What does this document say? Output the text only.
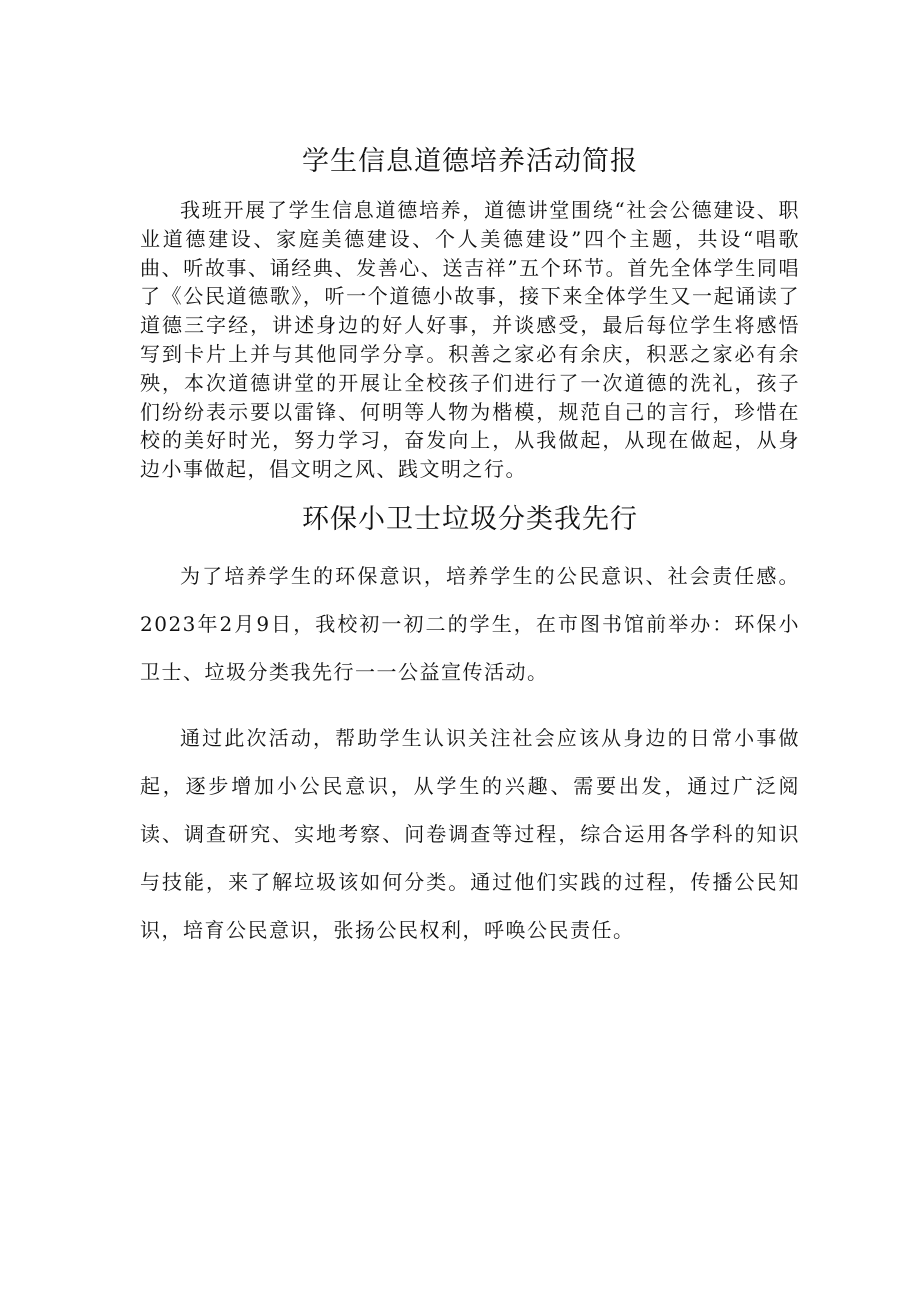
学生信息道德培养活动简报

我班开展了学生信息道德培养，道德讲堂围绕“社会公德建设、职业道德建设、家庭美德建设、个人美德建设”四个主题，共设“唱歌曲、听故事、诵经典、发善心、送吉祥”五个环节。首先全体学生同唱了《公民道德歌》，听一个道德小故事，接下来全体学生又一起诵读了道德三字经，讲述身边的好人好事，并谈感受，最后每位学生将感悟写到卡片上并与其他同学分享。积善之家必有余庆，积恶之家必有余殃，本次道德讲堂的开展让全校孩子们进行了一次道德的洗礼，孩子们纷纷表示要以雷锋、何明等人物为楷模，规范自己的言行，珍惜在校的美好时光，努力学习，奋发向上，从我做起，从现在做起，从身边小事做起，倡文明之风、践文明之行。

环保小卫士垃圾分类我先行

为了培养学生的环保意识，培养学生的公民意识、社会责任感。2023年2月9日，我校初一初二的学生，在市图书馆前举办：环保小卫士、垃圾分类我先行一一公益宣传活动。

通过此次活动，帮助学生认识关注社会应该从身边的日常小事做起，逐步增加小公民意识，从学生的兴趣、需要出发，通过广泛阅读、调查研究、实地考察、问卷调查等过程，综合运用各学科的知识与技能，来了解垃圾该如何分类。通过他们实践的过程，传播公民知识，培育公民意识，张扬公民权利，呼唤公民责任。
